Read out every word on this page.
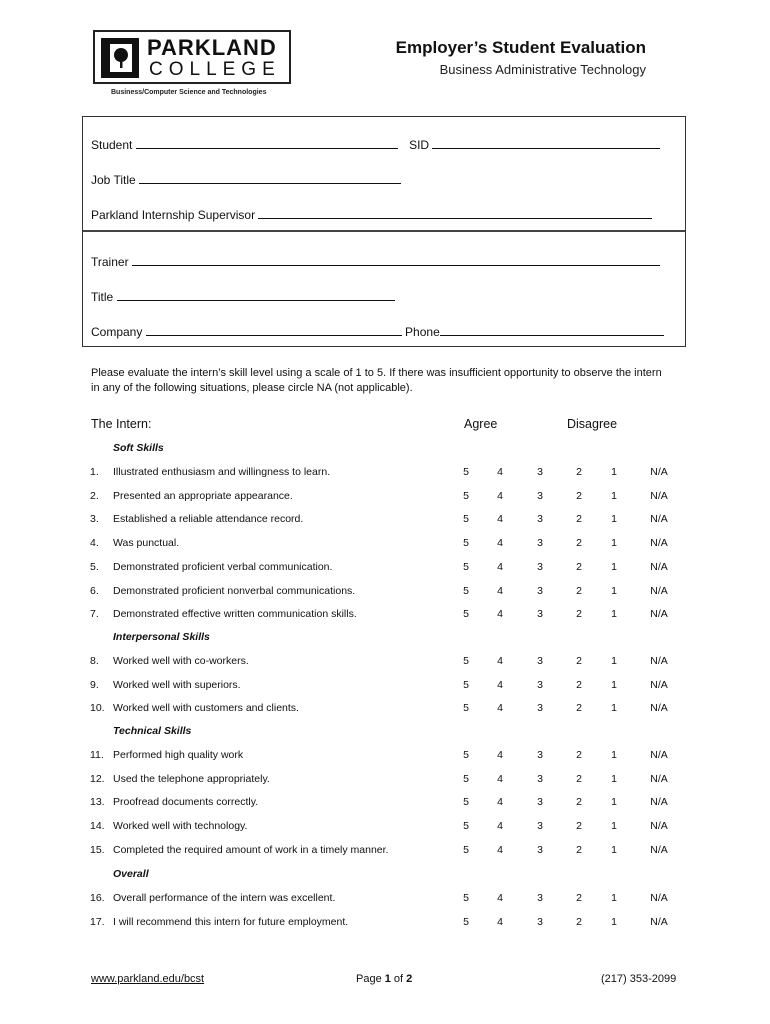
PARKLAND
COLLEGE
Business/Computer Science and Technologies
Employer’s Student Evaluation
Business Administrative Technology
Student	SID
Job Title
Parkland Internship Supervisor
Trainer
Title
Company	Phone
Please evaluate the intern’s skill level using a scale of 1 to 5. If there was insufficient opportunity to observe the intern in any of the following situations, please circle NA (not applicable).
The Intern:	Agree	Disagree
Soft Skills
1. Illustrated enthusiasm and willingness to learn.	5	4	3	2	1	N/A
2. Presented an appropriate appearance.	5	4	3	2	1	N/A
3. Established a reliable attendance record.	5	4	3	2	1	N/A
4. Was punctual.	5	4	3	2	1	N/A
5. Demonstrated proficient verbal communication.	5	4	3	2	1	N/A
6. Demonstrated proficient nonverbal communications.	5	4	3	2	1	N/A
7. Demonstrated effective written communication skills.	5	4	3	2	1	N/A
Interpersonal Skills
8. Worked well with co-workers.	5	4	3	2	1	N/A
9. Worked well with superiors.	5	4	3	2	1	N/A
10. Worked well with customers and clients.	5	4	3	2	1	N/A
Technical Skills
11. Performed high quality work	5	4	3	2	1	N/A
12. Used the telephone appropriately.	5	4	3	2	1	N/A
13. Proofread documents correctly.	5	4	3	2	1	N/A
14. Worked well with technology.	5	4	3	2	1	N/A
15. Completed the required amount of work in a timely manner.	5	4	3	2	1	N/A
Overall
16. Overall performance of the intern was excellent.	5	4	3	2	1	N/A
17. I will recommend this intern for future employment.	5	4	3	2	1	N/A
www.parkland.edu/bcst	Page 1 of 2	(217) 353-2099
